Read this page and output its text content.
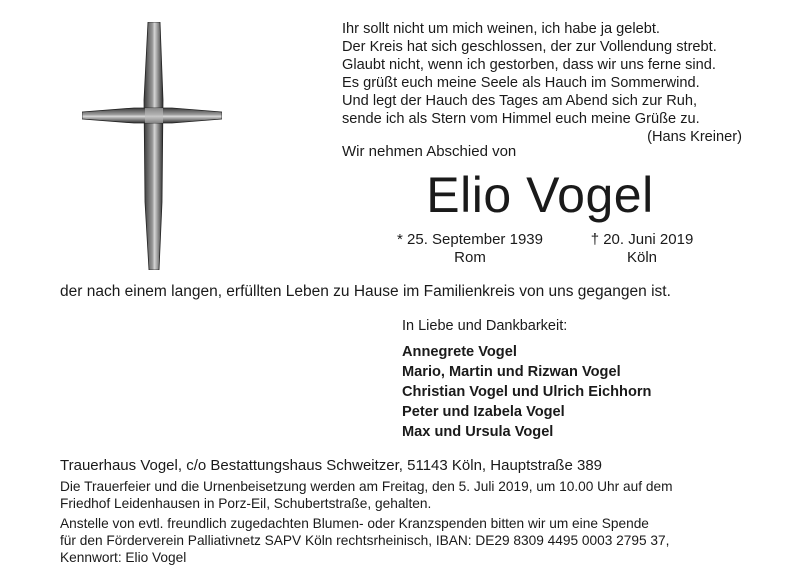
Ihr sollt nicht um mich weinen, ich habe ja gelebt.
Der Kreis hat sich geschlossen, der zur Vollendung strebt.
Glaubt nicht, wenn ich gestorben, dass wir uns ferne sind.
Es grüßt euch meine Seele als Hauch im Sommerwind.
Und legt der Hauch des Tages am Abend sich zur Ruh,
sende ich als Stern vom Himmel euch meine Grüße zu.
(Hans Kreiner)
Wir nehmen Abschied von
Elio Vogel
* 25. September 1939
Rom
† 20. Juni 2019
Köln
der nach einem langen, erfüllten Leben zu Hause im Familienkreis von uns gegangen ist.
In Liebe und Dankbarkeit:
Annegrete Vogel
Mario, Martin und Rizwan Vogel
Christian Vogel und Ulrich Eichhorn
Peter und Izabela Vogel
Max und Ursula Vogel
Trauerhaus Vogel, c/o Bestattungshaus Schweitzer, 51143 Köln, Hauptstraße 389
Die Trauerfeier und die Urnenbeisetzung werden am Freitag, den 5. Juli 2019, um 10.00 Uhr auf dem
Friedhof Leidenhausen in Porz-Eil, Schubertstraße, gehalten.
Anstelle von evtl. freundlich zugedachten Blumen- oder Kranzspenden bitten wir um eine Spende
für den Förderverein Palliativnetz SAPV Köln rechtsrheinisch, IBAN: DE29 8309 4495 0003 2795 37,
Kennwort: Elio Vogel
